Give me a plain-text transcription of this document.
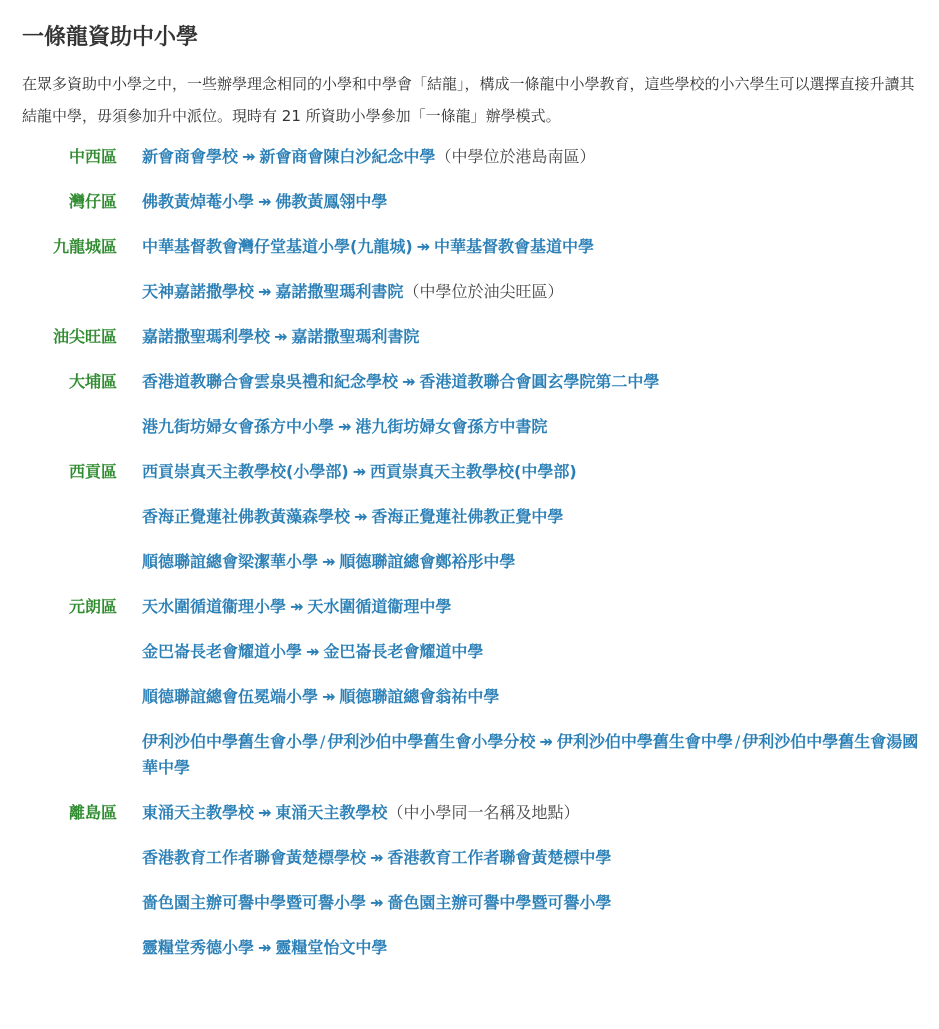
一條龍資助中小學
在眾多資助中小學之中，一些辦學理念相同的小學和中學會「結龍」，構成一條龍中小學教育，這些學校的小六學生可以選擇直接升讀其結龍中學，毋須參加升中派位。現時有 21 所資助小學參加「一條龍」辦學模式。
中西區	新會商會學校 ↠ 新會商會陳白沙紀念中學（中學位於港島南區）
灣仔區	佛教黃焯菴小學 ↠ 佛教黃鳳翎中學
九龍城區	中華基督教會灣仔堂基道小學(九龍城) ↠ 中華基督教會基道中學
天神嘉諾撒學校 ↠ 嘉諾撒聖瑪利書院（中學位於油尖旺區）
油尖旺區	嘉諾撒聖瑪利學校 ↠ 嘉諾撒聖瑪利書院
大埔區	香港道教聯合會雲泉吳禮和紀念學校 ↠ 香港道教聯合會圓玄學院第二中學
港九街坊婦女會孫方中小學 ↠ 港九街坊婦女會孫方中書院
西貢區	西貢崇真天主教學校(小學部) ↠ 西貢崇真天主教學校(中學部)
香海正覺蓮社佛教黃藻森學校 ↠ 香海正覺蓮社佛教正覺中學
順德聯誼總會梁潔華小學 ↠ 順德聯誼總會鄭裕彤中學
元朗區	天水圍循道衞理小學 ↠ 天水圍循道衞理中學
金巴崙長老會耀道小學 ↠ 金巴崙長老會耀道中學
順德聯誼總會伍冕端小學 ↠ 順德聯誼總會翁祐中學
伊利沙伯中學舊生會小學 / 伊利沙伯中學舊生會小學分校 ↠ 伊利沙伯中學舊生會中學 / 伊利沙伯中學舊生會湯國華中學
離島區	東涌天主教學校 ↠ 東涌天主教學校（中小學同一名稱及地點）
香港教育工作者聯會黃楚標學校 ↠ 香港教育工作者聯會黃楚標中學
嗇色園主辦可譽中學暨可譽小學 ↠ 嗇色園主辦可譽中學暨可譽小學
靈糧堂秀德小學 ↠ 靈糧堂怡文中學
